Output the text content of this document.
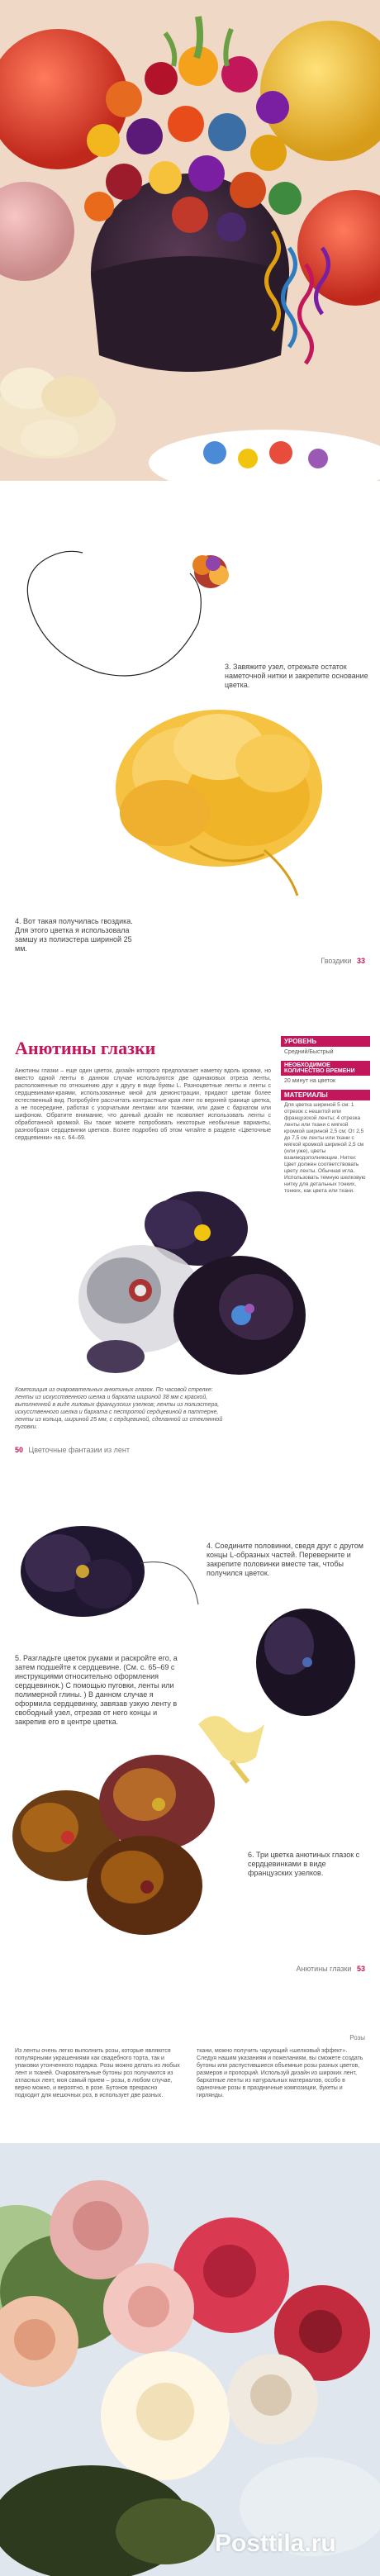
3. Завяжите узел, отрежьте остаток наметочной нитки и закрепите основание цветка.
4. Вот такая получилась гвоздика. Для этого цветка я использовала замшу из полиэстера шириной 25 мм.
Гвоздики 33
Анютины глазки
Анютины глазки – еще один цветок, дизайн которого предполагает наметку вдоль кромки, но вместо одной ленты в данном случае используются две одинаковых отреза ленты, расположенные по отношению друг к другу в виде буквы L. Разноцветные ленты и ленты с сердцевинами-краями, использованные мной для демонстрации, придают цветам более естественный вид. Попробуйте рассчитать контрастные края лент по верхней границе цветка, а не посередине, работая с узорчатыми лентами или тканями, или даже с бархатом или шифоном. Обратите внимание, что данный дизайн не позволяет использовать ленты с обработанной кромкой. Вы также можете попробовать некоторые необычные варианты, разнообразя сердцевинки цветков. Более подробно об этом читайте в разделе «Цветочные сердцевинки» на с. 64–69.
УРОВЕНЬ
Средний/Быстрый
НЕОБХОДИМОЕ КОЛИЧЕСТВО ВРЕМЕНИ
20 минут на цветок
МАТЕРИАЛЫ
Для цветка шириной 5 см: 1 отрезок с нешитой или французской ленты; 4 отрезка ленты или ткани с мягкой кромкой шириной 2,5 см; От 2,5 до 7,5 см ленты или ткани с мягкой кромкой шириной 2,5 см (или уже), цветы взаимодополняющие. Нитки: Цвет должен соответствовать цвету ленты. Обычная игла. Использовать темную шелковую нитку для детальных тонких, тонких, как цвета или ткани.
Композиция из очаровательных анютиных глазок. По часовой стрелке: ленты из искусственного шелка и бархата шириной 38 мм с краской, выполненной в виде лиловых французских узелков; ленты из полиэстера, искусственного шелка и бархата с пестротой сердцевиной в паттерне, ленты из кольца, шириной 25 мм, с сердцевиной, сделанной из стеклянной пуговки.
50 Цветочные фантазии из лент
4. Соедините половинки, сведя друг с другом концы L-образных частей. Переверните и закрепите половинки вместе так, чтобы получился цветок.
5. Разгладьте цветок руками и раскройте его, а затем подшейте к сердцевине. (См. с. 65–69 с инструкциями относительно оформления сердцевинок.) С помощью пуговки, ленты или полимерной глины. ) В данном случае я оформила сердцевинку, завязав узкую ленту в свободный узел, отрезав от него концы и закрепив его в центре цветка.
6. Три цветка анютиных глазок с сердцевинками в виде французских узелков.
Анютины глазки 53
Розы
Из ленты очень легко выполнить розы, которые являются популярными украшениями как свадебного торта, так и упаковки утонченного подарка. Розы можно делать из любых лент и тканей. Очаровательные бутоны роз получаются из атласных лент, моя самый прием – розы, в любом случае, верно можно, и вероятно, в розе. Бутонов прекрасно подходит для мешочных роз, в использует две разных.
ткани, можно получить чарующий «шелковый эффект». Следуя нашим указаниям и пожеланиям, вы сможете создать бутоны или распустившиеся объемные розы разных цветов, размеров и пропорций. Используй дизайн из широких лент, бархатные ленты из натуральных материалов, особо в одиночные розы в праздничные композиции, букеты и гирлянды.
Posttila.ru
